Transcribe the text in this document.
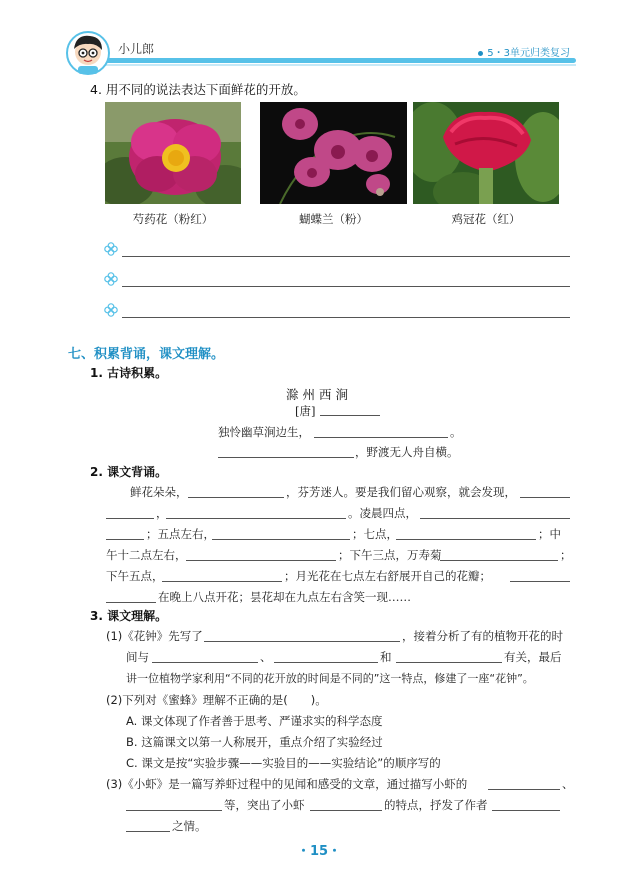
小儿郎	5・3单元归类复习
4. 用不同的说法表达下面鲜花的开放。
芍药花（粉红）	蝴蝶兰（粉）	鸡冠花（红）
七、积累背诵，课文理解。
1. 古诗积累。
滁州西涧
[唐]
独怜幽草涧边生，	。
，野渡无人舟自横。
2. 课文背诵。
鲜花朵朵，	，芬芳迷人。要是我们留心观察，就会发现，
，	。凌晨四点，
；五点左右，	；七点，	；中
午十二点左右，	；下午三点，万寿菊	；
下午五点，	；月光花在七点左右舒展开自己的花瓣；
在晚上八点开花；昙花却在九点左右含笑一现……
3. 课文理解。
(1)《花钟》先写了	，接着分析了有的植物开花的时
间与	、	和	有关，最后
讲一位植物学家利用“不同的花开放的时间是不同的”这一特点，修建了一座“花钟”。
(2)下列对《蜜蜂》理解不正确的是(　　)。
A. 课文体现了作者善于思考、严谨求实的科学态度
B. 这篇课文以第一人称展开，重点介绍了实验经过
C. 课文是按“实验步骤——实验目的——实验结论”的顺序写的
(3)《小虾》是一篇写养虾过程中的见闻和感受的文章，通过描写小虾的	、
等，突出了小虾	的特点，抒发了作者
之情。
・15・
